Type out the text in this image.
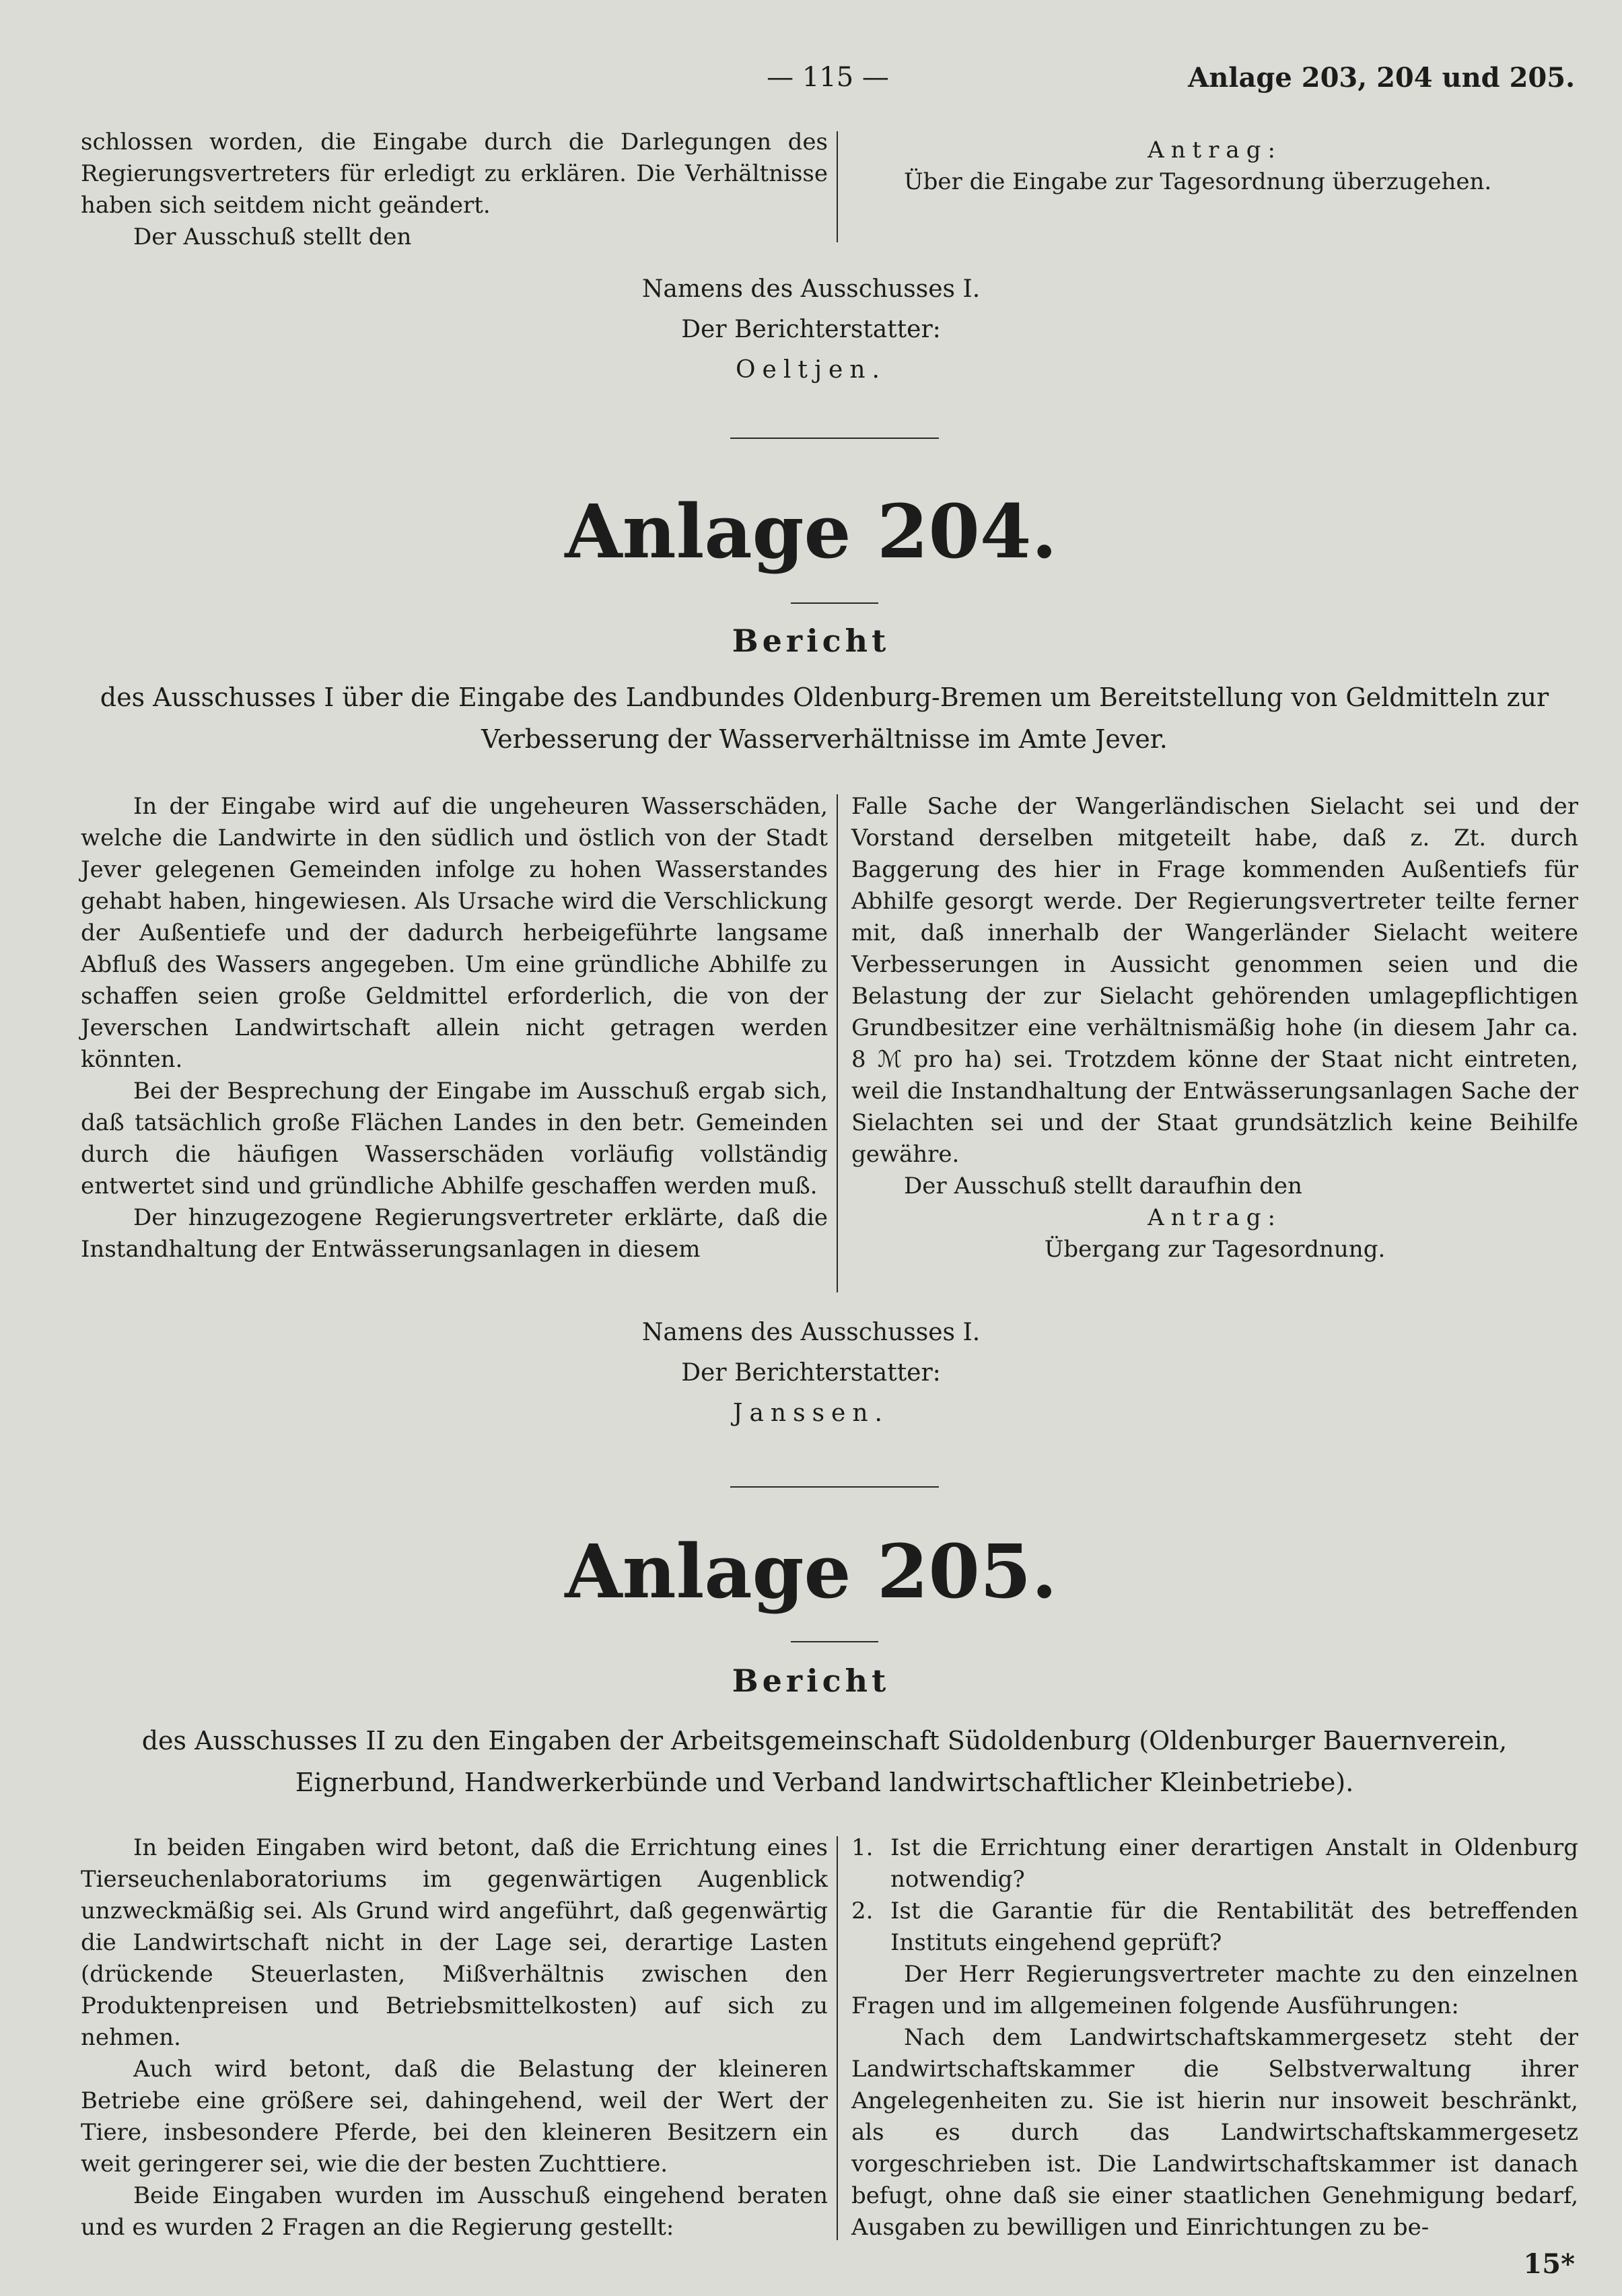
— 115 —	Anlage 203, 204 und 205.

schlossen worden, die Eingabe durch die Darlegungen des Regierungsvertreters für erledigt zu erklären. Die Verhältnisse haben sich seitdem nicht geändert.

Der Ausschuß stellt den

Antrag:

Über die Eingabe zur Tagesordnung überzugehen.

Namens des Ausschusses I.
Der Berichterstatter:
Oeltjen.
Anlage 204.
Bericht
des Ausschusses I über die Eingabe des Landbundes Oldenburg-Bremen um Bereitstellung von Geldmitteln zur Verbesserung der Wasserverhältnisse im Amte Jever.

In der Eingabe wird auf die ungeheuren Wasserschäden, welche die Landwirte in den südlich und östlich von der Stadt Jever gelegenen Gemeinden infolge zu hohen Wasserstandes gehabt haben, hingewiesen. Als Ursache wird die Verschlickung der Außentiefe und der dadurch herbeigeführte langsame Abfluß des Wassers angegeben. Um eine gründliche Abhilfe zu schaffen seien große Geldmittel erforderlich, die von der Jeverschen Landwirtschaft allein nicht getragen werden könnten.

Bei der Besprechung der Eingabe im Ausschuß ergab sich, daß tatsächlich große Flächen Landes in den betr. Gemeinden durch die häufigen Wasserschäden vorläufig vollständig entwertet sind und gründliche Abhilfe geschaffen werden muß.

Der hinzugezogene Regierungsvertreter erklärte, daß die Instandhaltung der Entwässerungsanlagen in diesem

Falle Sache der Wangerländischen Sielacht sei und der Vorstand derselben mitgeteilt habe, daß z. Zt. durch Baggerung des hier in Frage kommenden Außentiefs für Abhilfe gesorgt werde. Der Regierungsvertreter teilte ferner mit, daß innerhalb der Wangerländer Sielacht weitere Verbesserungen in Aussicht genommen seien und die Belastung der zur Sielacht gehörenden umlagepflichtigen Grundbesitzer eine verhältnismäßig hohe (in diesem Jahr ca. 8 ℳ pro ha) sei. Trotzdem könne der Staat nicht eintreten, weil die Instandhaltung der Entwässerungsanlagen Sache der Sielachten sei und der Staat grundsätzlich keine Beihilfe gewähre.

Der Ausschuß stellt daraufhin den

Antrag:

Übergang zur Tagesordnung.

Namens des Ausschusses I.
Der Berichterstatter:
Janssen.
Anlage 205.
Bericht
des Ausschusses II zu den Eingaben der Arbeitsgemeinschaft Südoldenburg (Oldenburger Bauernverein, Eignerbund, Handwerkerbünde und Verband landwirtschaftlicher Kleinbetriebe).

In beiden Eingaben wird betont, daß die Errichtung eines Tierseuchenlaboratoriums im gegenwärtigen Augenblick unzweckmäßig sei. Als Grund wird angeführt, daß gegenwärtig die Landwirtschaft nicht in der Lage sei, derartige Lasten (drückende Steuerlasten, Mißverhältnis zwischen den Produktenpreisen und Betriebsmittelkosten) auf sich zu nehmen.

Auch wird betont, daß die Belastung der kleineren Betriebe eine größere sei, dahingehend, weil der Wert der Tiere, insbesondere Pferde, bei den kleineren Besitzern ein weit geringerer sei, wie die der besten Zuchttiere.

Beide Eingaben wurden im Ausschuß eingehend beraten und es wurden 2 Fragen an die Regierung gestellt:

1. Ist die Errichtung einer derartigen Anstalt in Oldenburg notwendig?
2. Ist die Garantie für die Rentabilität des betreffenden Instituts eingehend geprüft?

Der Herr Regierungsvertreter machte zu den einzelnen Fragen und im allgemeinen folgende Ausführungen:

Nach dem Landwirtschaftskammergesetz steht der Landwirtschaftskammer die Selbstverwaltung ihrer Angelegenheiten zu. Sie ist hierin nur insoweit beschränkt, als es durch das Landwirtschaftskammergesetz vorgeschrieben ist. Die Landwirtschaftskammer ist danach befugt, ohne daß sie einer staatlichen Genehmigung bedarf, Ausgaben zu bewilligen und Einrichtungen zu be-

15*
